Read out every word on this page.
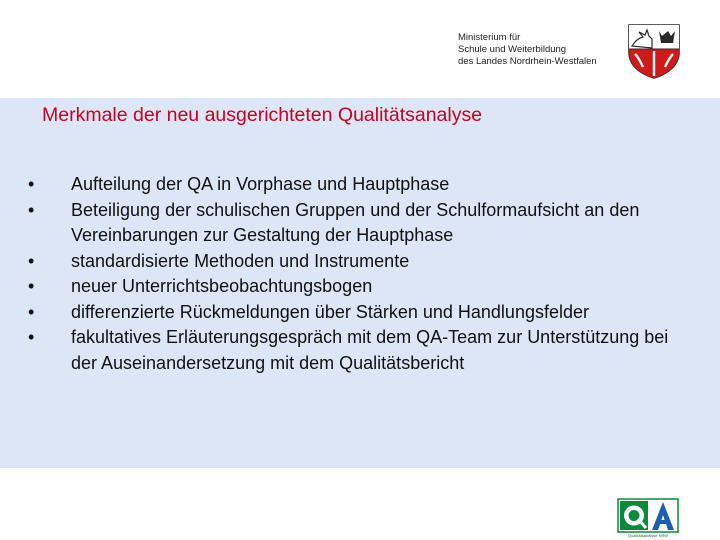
Ministerium für
Schule und Weiterbildung
des Landes Nordrhein-Westfalen
Merkmale der neu ausgerichteten Qualitätsanalyse
• Aufteilung der QA in Vorphase und Hauptphase
• Beteiligung der schulischen Gruppen und der Schulformaufsicht an den Vereinbarungen zur Gestaltung der Hauptphase
• standardisierte Methoden und Instrumente
• neuer Unterrichtsbeobachtungsbogen
• differenzierte Rückmeldungen über Stärken und Handlungsfelder
• fakultatives Erläuterungsgespräch mit dem QA-Team zur Unterstützung bei der Auseinandersetzung mit dem Qualitätsbericht
Qualitätsanalyse NRW
